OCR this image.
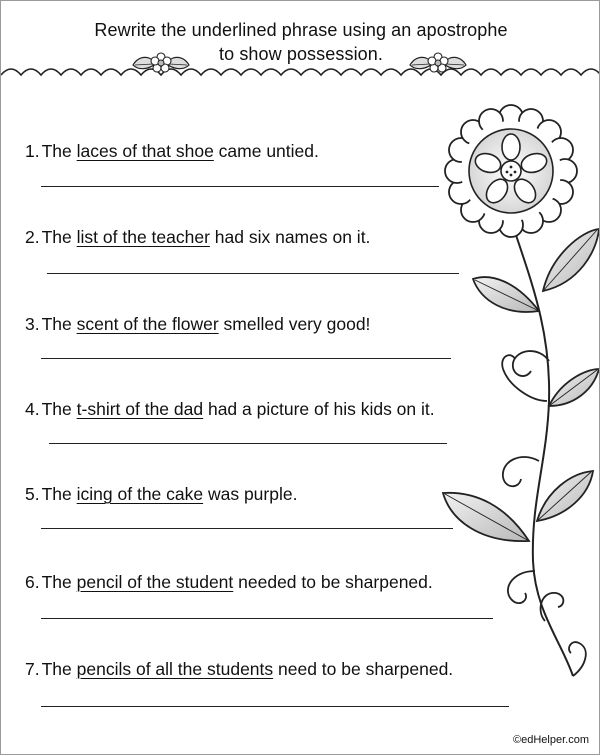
Rewrite the underlined phrase using an apostrophe
to show possession.
1. The laces of that shoe came untied.
2. The list of the teacher had six names on it.
3. The scent of the flower smelled very good!
4. The t-shirt of the dad had a picture of his kids on it.
5. The icing of the cake was purple.
6. The pencil of the student needed to be sharpened.
7. The pencils of all the students need to be sharpened.
©edHelper.com
